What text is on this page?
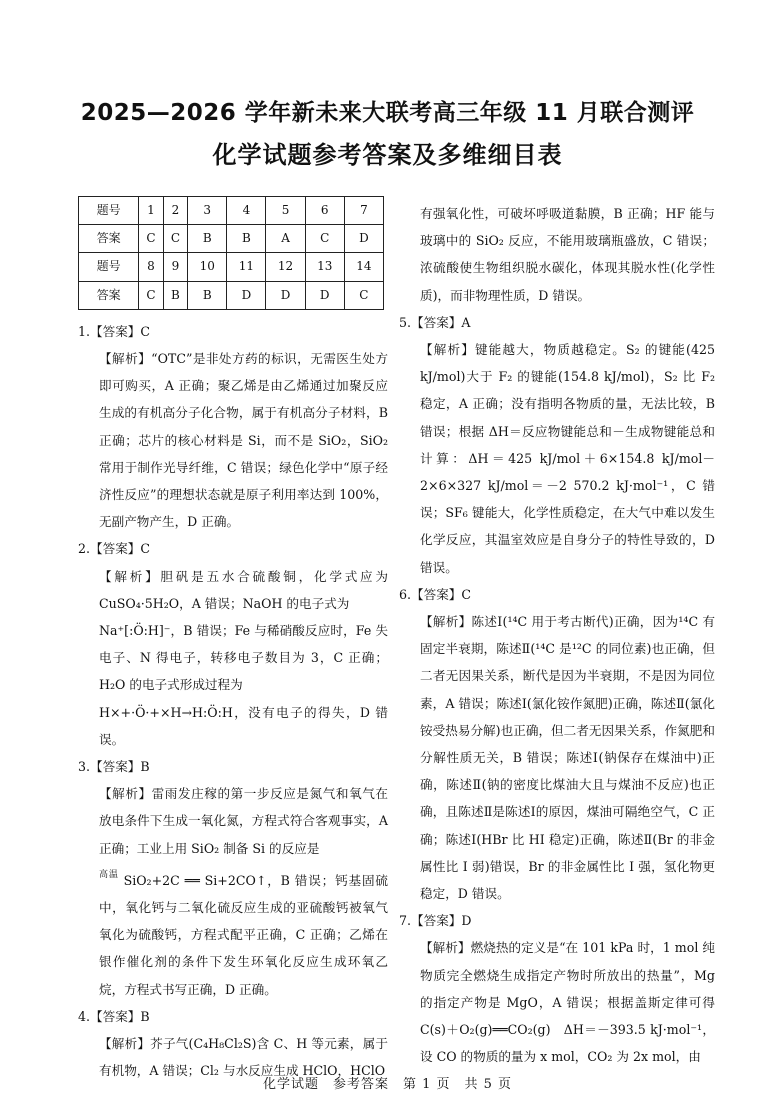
2025—2026 学年新未来大联考高三年级 11 月联合测评
化学试题参考答案及多维细目表
题号	1	2	3	4	5	6	7
答案	C	C	B	B	A	C	D
题号	8	9	10	11	12	13	14
答案	C	B	B	D	D	D	C
1.【答案】C
【解析】“OTC”是非处方药的标识，无需医生处方即可购买，A 正确；聚乙烯是由乙烯通过加聚反应生成的有机高分子化合物，属于有机高分子材料，B 正确；芯片的核心材料是 Si，而不是 SiO₂，SiO₂ 常用于制作光导纤维，C 错误；绿色化学中“原子经济性反应”的理想状态就是原子利用率达到 100%，无副产物产生，D 正确。
2.【答案】C
【解析】胆矾是五水合硫酸铜，化学式应为 CuSO₄·5H₂O，A 错误；NaOH 的电子式为
Na⁺[:Ö:H]⁻，B 错误；Fe 与稀硝酸反应时，Fe 失电子、N 得电子，转移电子数目为 3，C 正确；H₂O 的电子式形成过程为
H×+·Ö·+×H→H:Ö:H，没有电子的得失，D 错误。
3.【答案】B
【解析】雷雨发庄稼的第一步反应是氮气和氧气在放电条件下生成一氧化氮，方程式符合客观事实，A 正确；工业上用 SiO₂ 制备 Si 的反应是
$^{高温}$ SiO₂+2C ══ Si+2CO↑，B 错误；钙基固硫中，氧化钙与二氧化硫反应生成的亚硫酸钙被氧气氧化为硫酸钙，方程式配平正确，C 正确；乙烯在银作催化剂的条件下发生环氧化反应生成环氧乙烷，方程式书写正确，D 正确。
4.【答案】B
【解析】芥子气(C₄H₈Cl₂S)含 C、H 等元素，属于有机物，A 错误；Cl₂ 与水反应生成 HClO，HClO
有强氧化性，可破坏呼吸道黏膜，B 正确；HF 能与玻璃中的 SiO₂ 反应，不能用玻璃瓶盛放，C 错误；浓硫酸使生物组织脱水碳化，体现其脱水性(化学性质)，而非物理性质，D 错误。
5.【答案】A
【解析】键能越大，物质越稳定。S₂ 的键能(425 kJ/mol)大于 F₂ 的键能(154.8 kJ/mol)，S₂ 比 F₂ 稳定，A 正确；没有指明各物质的量，无法比较，B 错误；根据 ΔH＝反应物键能总和－生成物键能总和计算：ΔH＝425 kJ/mol＋6×154.8 kJ/mol－2×6×327 kJ/mol＝－2 570.2 kJ·mol⁻¹，C 错误；SF₆ 键能大，化学性质稳定，在大气中难以发生化学反应，其温室效应是自身分子的特性导致的，D 错误。
6.【答案】C
【解析】陈述Ⅰ(¹⁴C 用于考古断代)正确，因为¹⁴C 有固定半衰期，陈述Ⅱ(¹⁴C 是¹²C 的同位素)也正确，但二者无因果关系，断代是因为半衰期，不是因为同位素，A 错误；陈述Ⅰ(氯化铵作氮肥)正确，陈述Ⅱ(氯化铵受热易分解)也正确，但二者无因果关系，作氮肥和分解性质无关，B 错误；陈述Ⅰ(钠保存在煤油中)正确，陈述Ⅱ(钠的密度比煤油大且与煤油不反应)也正确，且陈述Ⅱ是陈述Ⅰ的原因，煤油可隔绝空气，C 正确；陈述Ⅰ(HBr 比 HI 稳定)正确，陈述Ⅱ(Br 的非金属性比 I 弱)错误，Br 的非金属性比 I 强，氢化物更稳定，D 错误。
7.【答案】D
【解析】燃烧热的定义是“在 101 kPa 时，1 mol 纯物质完全燃烧生成指定产物时所放出的热量”，Mg 的指定产物是 MgO，A 错误；根据盖斯定律可得 C(s)＋O₂(g)══CO₂(g)　ΔH＝－393.5 kJ·mol⁻¹，设 CO 的物质的量为 x mol，CO₂ 为 2x mol，由
化学试题　参考答案　第 1 页　共 5 页
